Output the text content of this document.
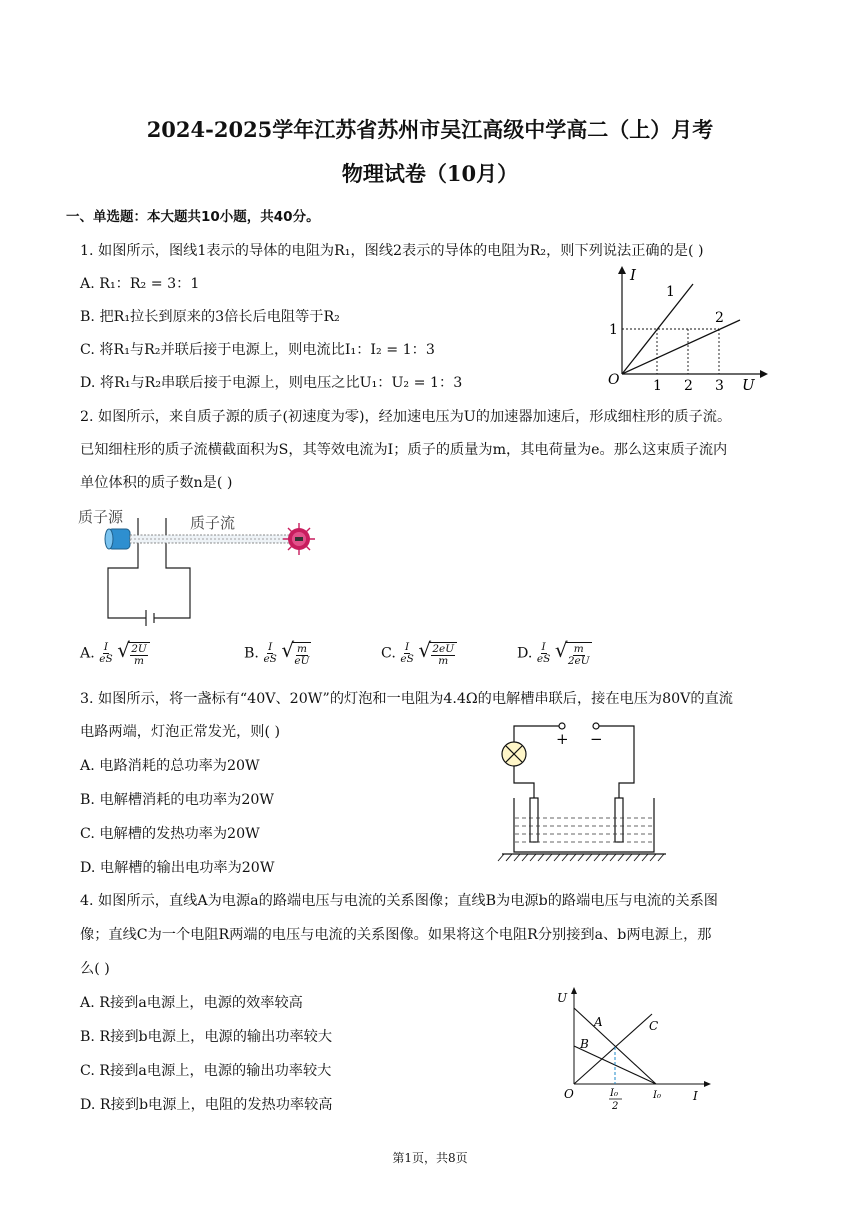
2024-2025学年江苏省苏州市吴江高级中学高二（上）月考
物理试卷（10月）
一、单选题：本大题共10小题，共40分。
1. 如图所示，图线1表示的导体的电阻为R₁，图线2表示的导体的电阻为R₂，则下列说法正确的是( )
A. R₁：R₂ = 3：1
B. 把R₁拉长到原来的3倍长后电阻等于R₂
C. 将R₁与R₂并联后接于电源上，则电流比I₁：I₂ = 1：3
D. 将R₁与R₂串联后接于电源上，则电压之比U₁：U₂ = 1：3
I
U
O
1
2
1
1 2 3
2. 如图所示，来自质子源的质子(初速度为零)，经加速电压为U的加速器加速后，形成细柱形的质子流。
已知细柱形的质子流横截面积为S，其等效电流为I；质子的质量为m，其电荷量为e。那么这束质子流内
单位体积的质子数n是( )
质子源	质子流
A. $\frac{I}{eS}$
√ $\frac{2U}{m}$	B. $\frac{I}{eS}$
√ $\frac{m}{eU}$	C. $\frac{I}{eS}$
√ $\frac{2eU}{m}$	D. $\frac{I}{eS}$
√ $\frac{m}{2eU}$
3. 如图所示，将一盏标有“40V、20W”的灯泡和一电阻为4.4Ω的电解槽串联后，接在电压为80V的直流
电路两端，灯泡正常发光，则( )
A. 电路消耗的总功率为20W
B. 电解槽消耗的电功率为20W
C. 电解槽的发热功率为20W
D. 电解槽的输出电功率为20W
+ −
4. 如图所示，直线A为电源a的路端电压与电流的关系图像；直线B为电源b的路端电压与电流的关系图
像；直线C为一个电阻R两端的电压与电流的关系图像。如果将这个电阻R分别接到a、b两电源上，那
么( )
A. R接到a电源上，电源的效率较高
B. R接到b电源上，电源的输出功率较大
C. R接到a电源上，电源的输出功率较大
D. R接到b电源上，电阻的发热功率较高
U
I
O
A
B
C
I₀
2
I₀
第1页，共8页
